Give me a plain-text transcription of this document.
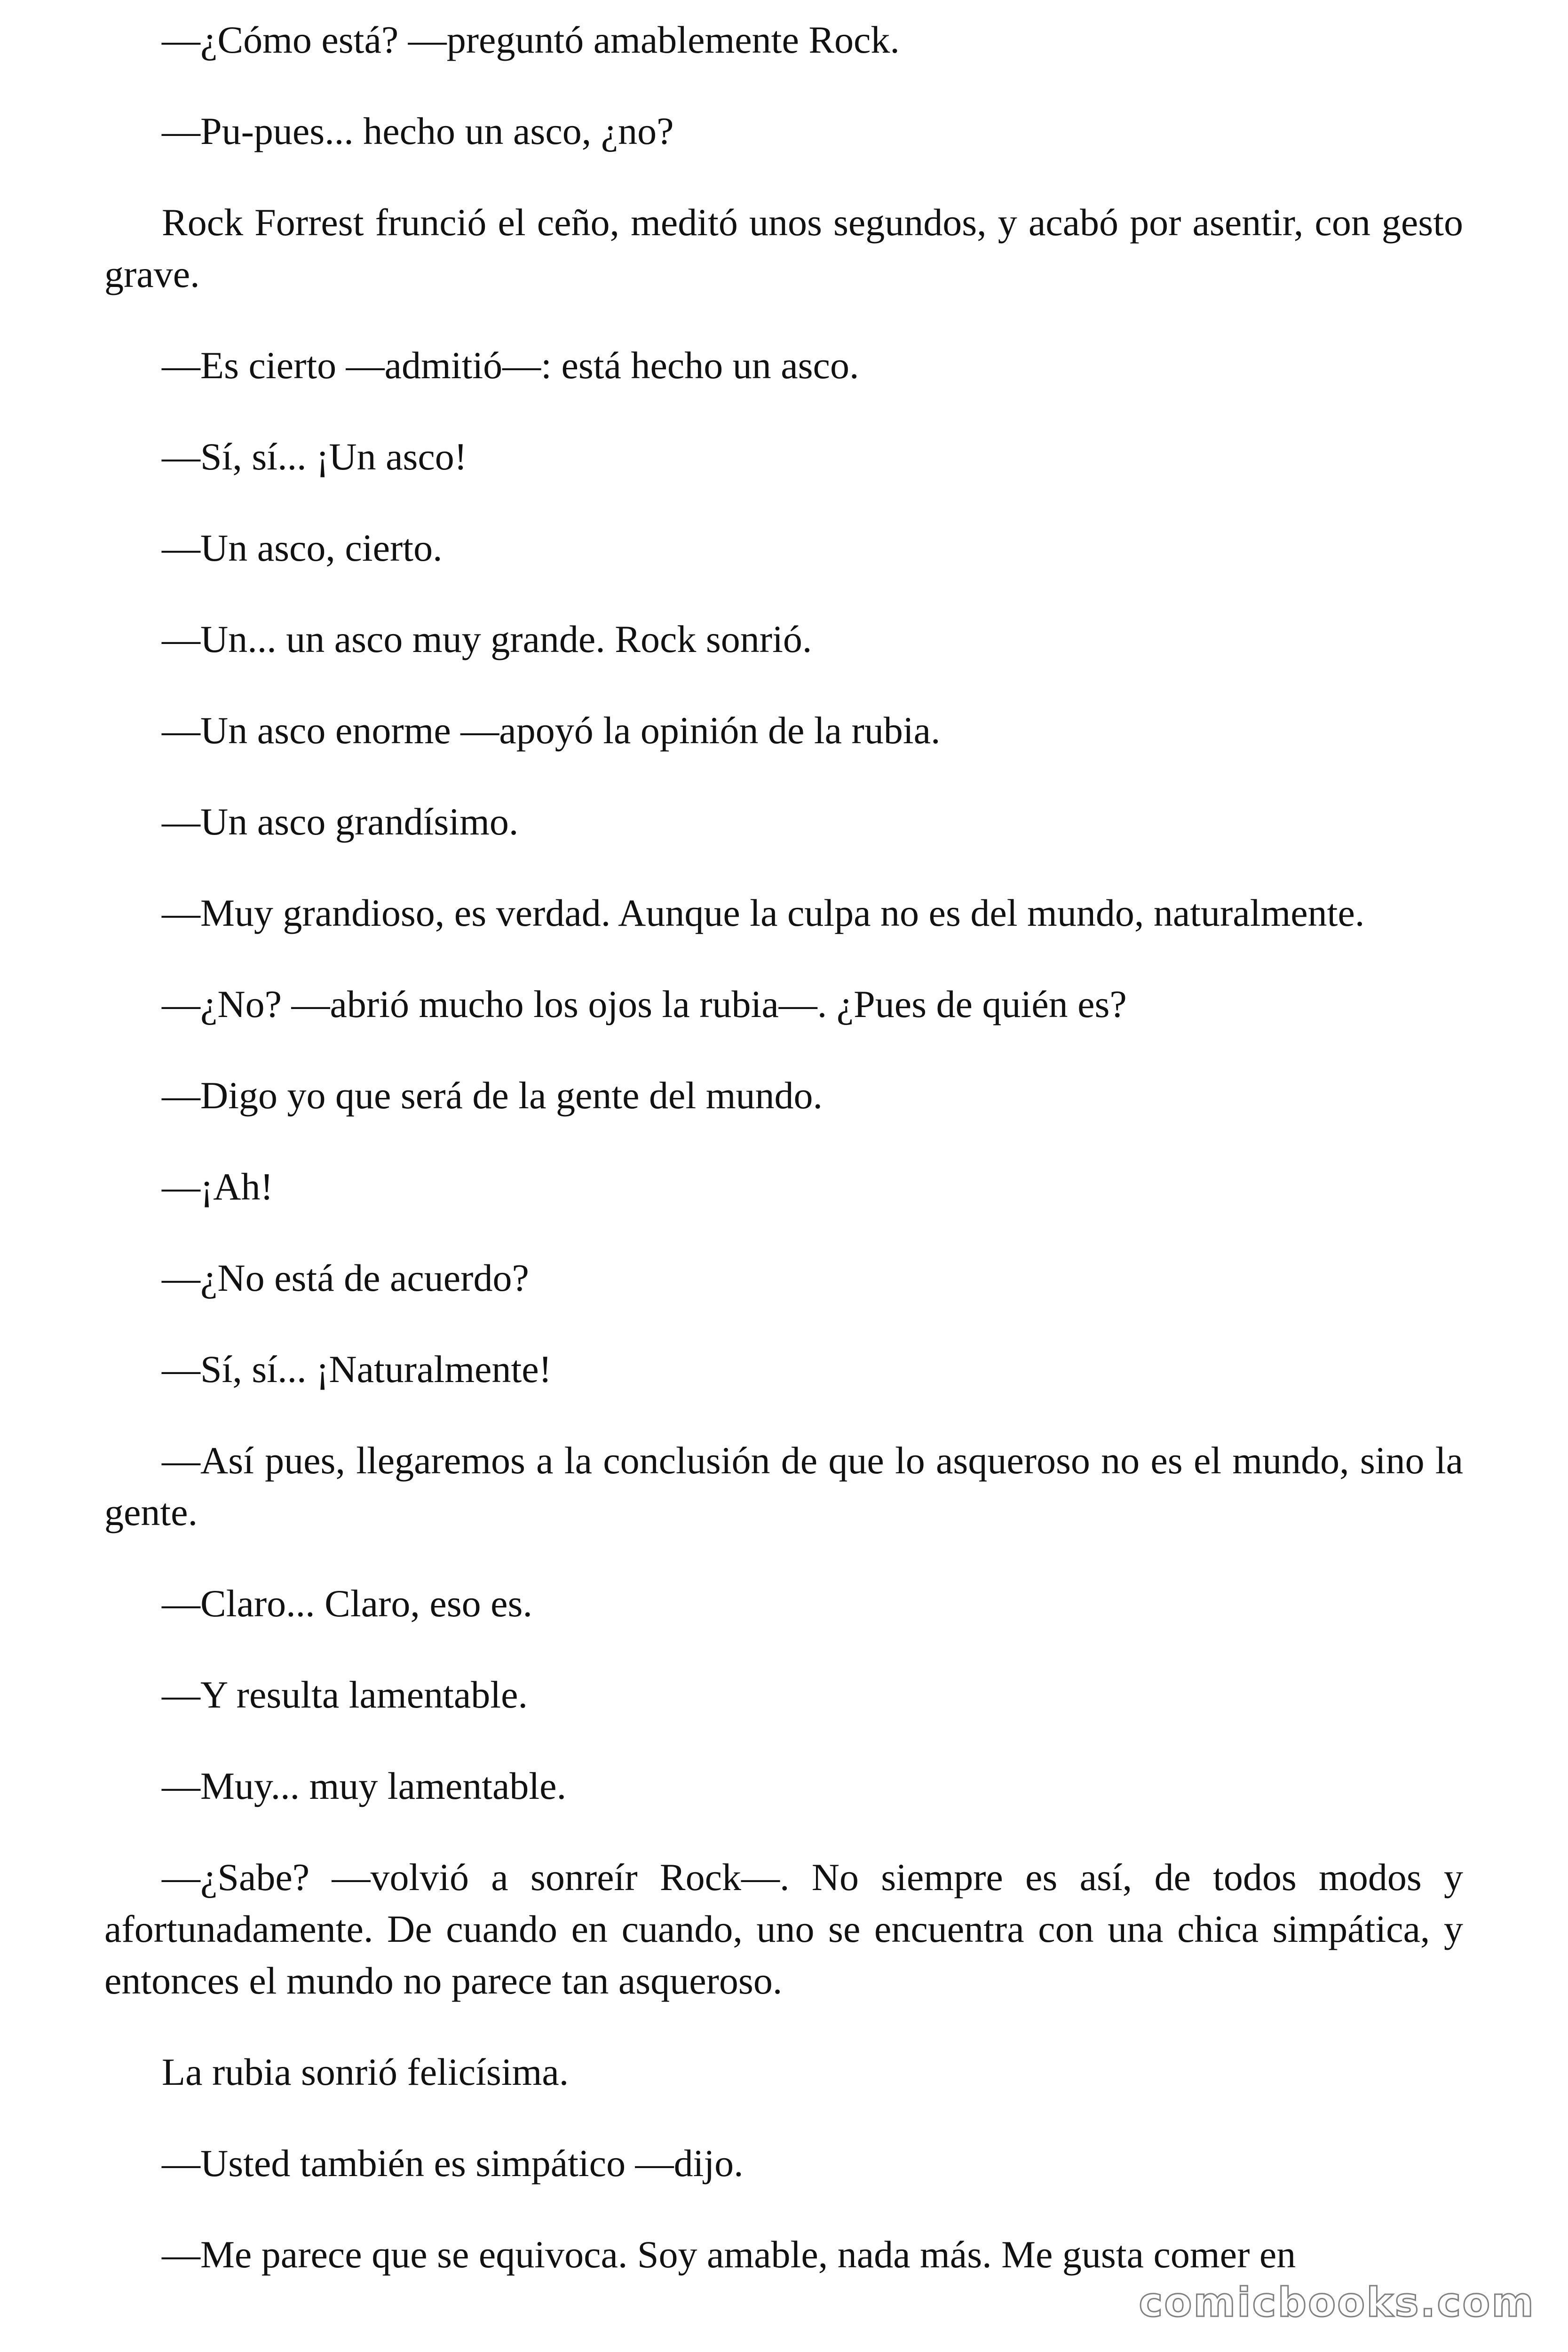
—¿Cómo está? —preguntó amablemente Rock.

—Pu-pues... hecho un asco, ¿no?

Rock Forrest frunció el ceño, meditó unos segundos, y acabó por asentir, con gesto grave.

—Es cierto —admitió—: está hecho un asco.

—Sí, sí... ¡Un asco!

—Un asco, cierto.

—Un... un asco muy grande. Rock sonrió.

—Un asco enorme —apoyó la opinión de la rubia.

—Un asco grandísimo.

—Muy grandioso, es verdad. Aunque la culpa no es del mundo, naturalmente.

—¿No? —abrió mucho los ojos la rubia—. ¿Pues de quién es?

—Digo yo que será de la gente del mundo.

—¡Ah!

—¿No está de acuerdo?

—Sí, sí... ¡Naturalmente!

—Así pues, llegaremos a la conclusión de que lo asqueroso no es el mundo, sino la gente.

—Claro... Claro, eso es.

—Y resulta lamentable.

—Muy... muy lamentable.

—¿Sabe? —volvió a sonreír Rock—. No siempre es así, de todos modos y afortunadamente. De cuando en cuando, uno se encuentra con una chica simpática, y entonces el mundo no parece tan asqueroso.

La rubia sonrió felicísima.

—Usted también es simpático —dijo.

—Me parece que se equivoca. Soy amable, nada más. Me gusta comer en

comicbooks.com
